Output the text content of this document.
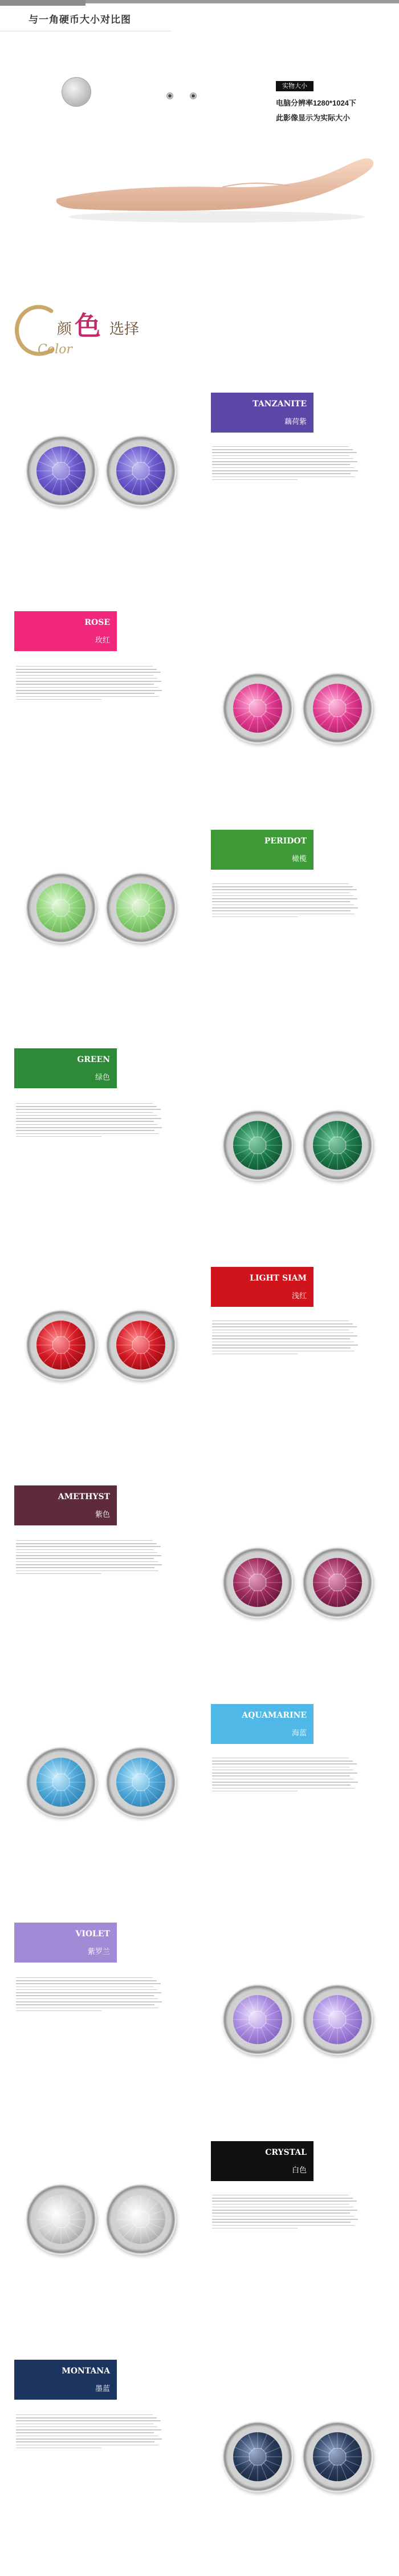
与一角硬币大小对比图
实物大小
电脑分辨率1280*1024下
此影像显示为实际大小
颜 色 选择
Color
TANZANITE
藕荷紫
ROSE
玫红
PERIDOT
橄榄
GREEN
绿色
LIGHT SIAM
浅红
AMETHYST
紫色
AQUAMARINE
海蓝
VIOLET
紫罗兰
CRYSTAL
白色
MONTANA
墨蓝
